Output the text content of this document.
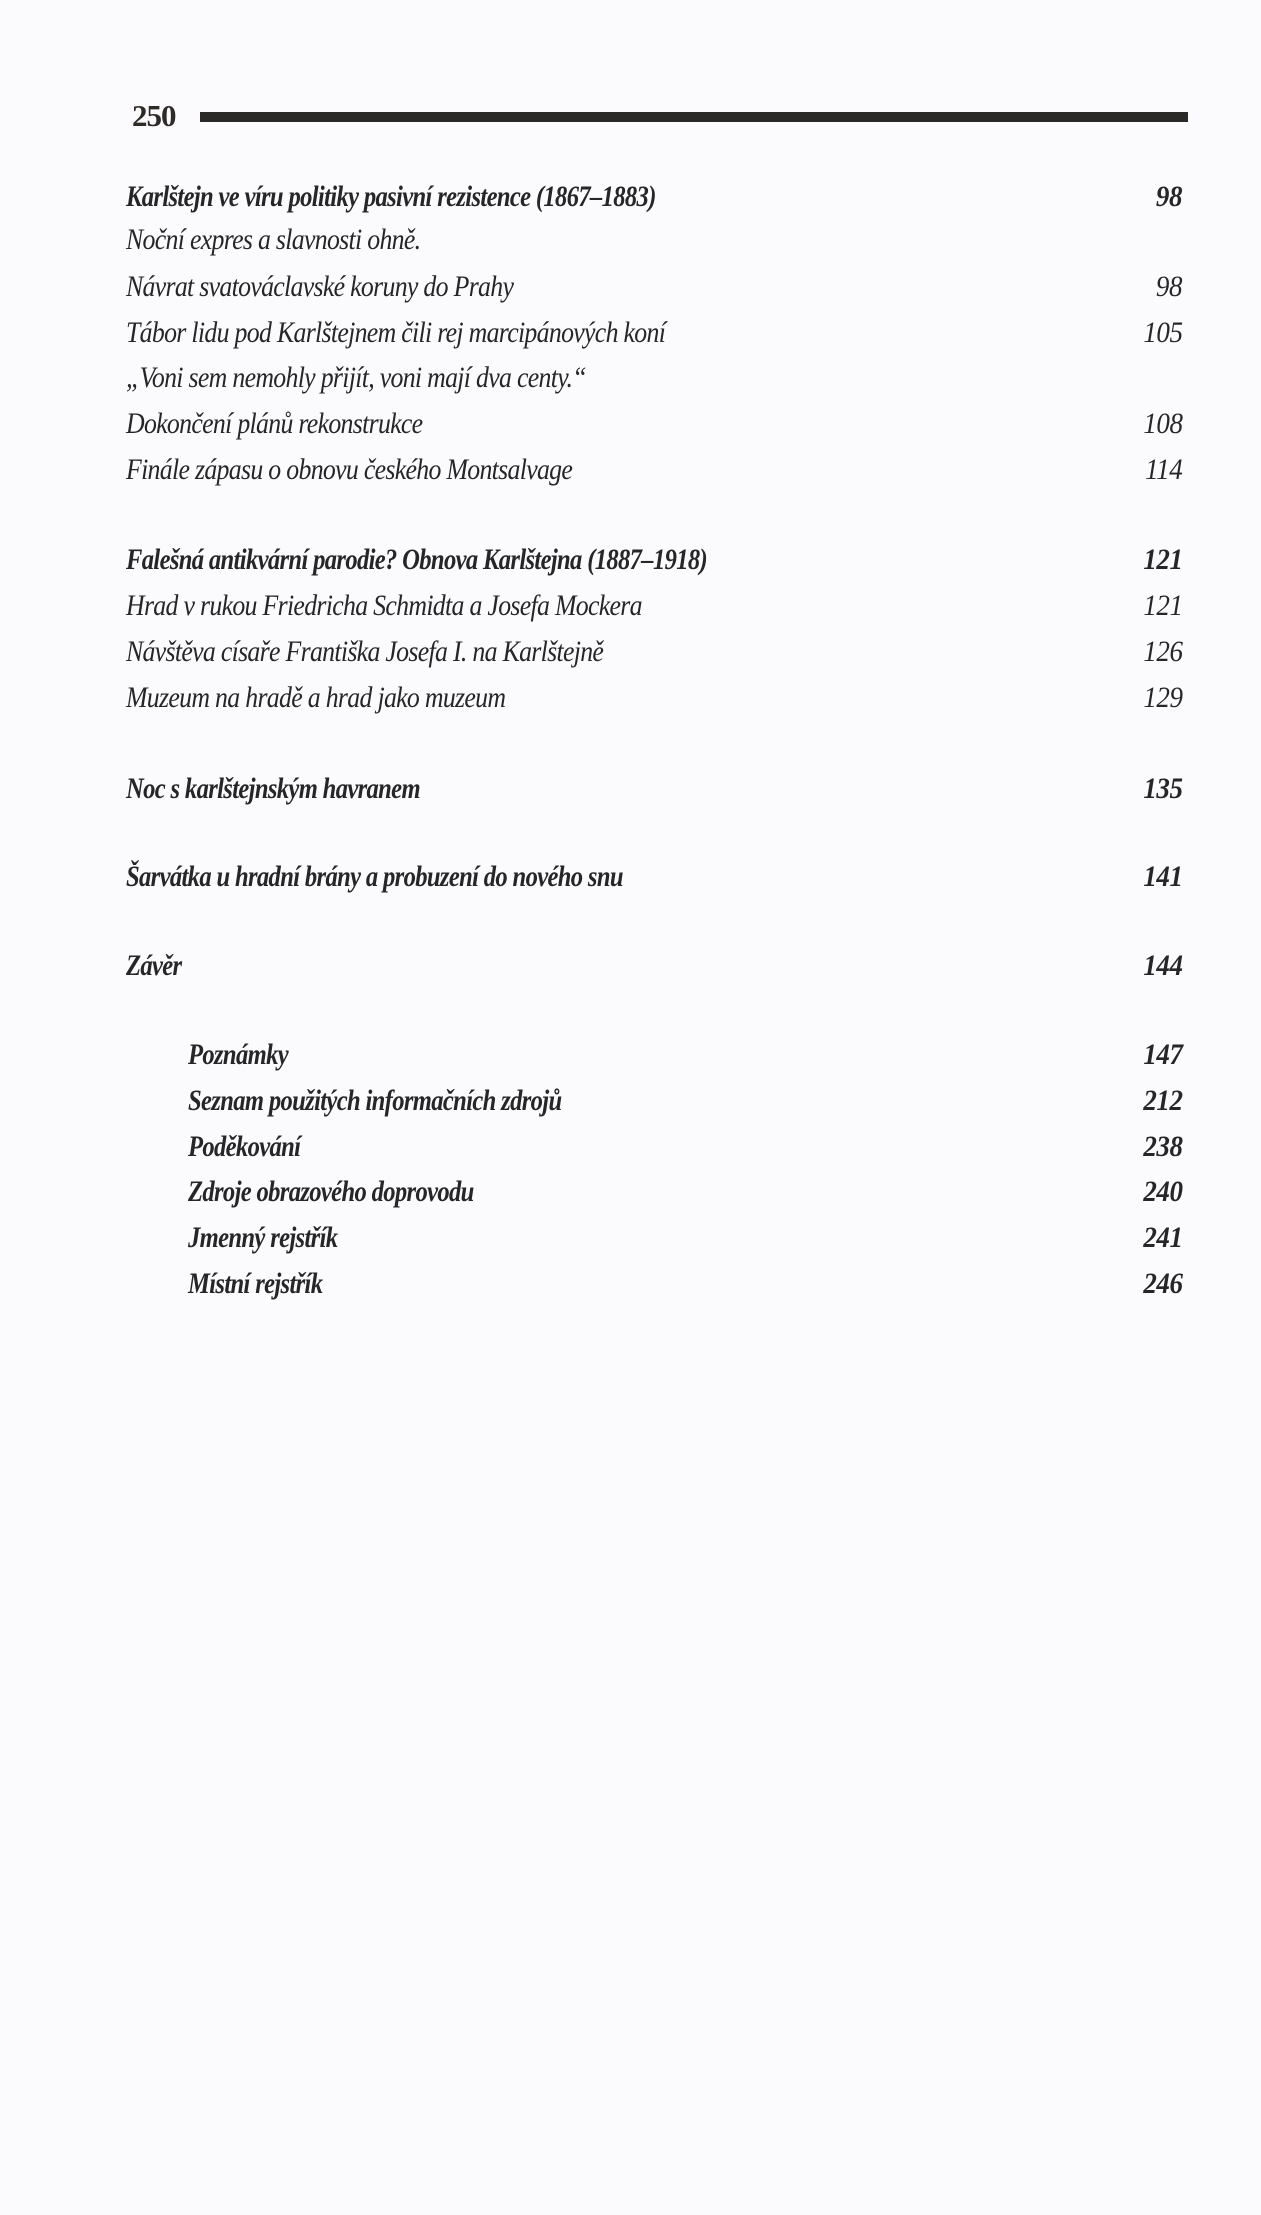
250
Karlštejn ve víru politiky pasivní rezistence (1867–1883)	98
Noční expres a slavnosti ohně.
Návrat svatováclavské koruny do Prahy	98
Tábor lidu pod Karlštejnem čili rej marcipánových koní	105
„Voni sem nemohly přijít, voni mají dva centy.“
Dokončení plánů rekonstrukce	108
Finále zápasu o obnovu českého Montsalvage	114
Falešná antikvární parodie? Obnova Karlštejna (1887–1918)	121
Hrad v rukou Friedricha Schmidta a Josefa Mockera	121
Návštěva císaře Františka Josefa I. na Karlštejně	126
Muzeum na hradě a hrad jako muzeum	129
Noc s karlštejnským havranem	135
Šarvátka u hradní brány a probuzení do nového snu	141
Závěr	144
Poznámky	147
Seznam použitých informačních zdrojů	212
Poděkování	238
Zdroje obrazového doprovodu	240
Jmenný rejstřík	241
Místní rejstřík	246
